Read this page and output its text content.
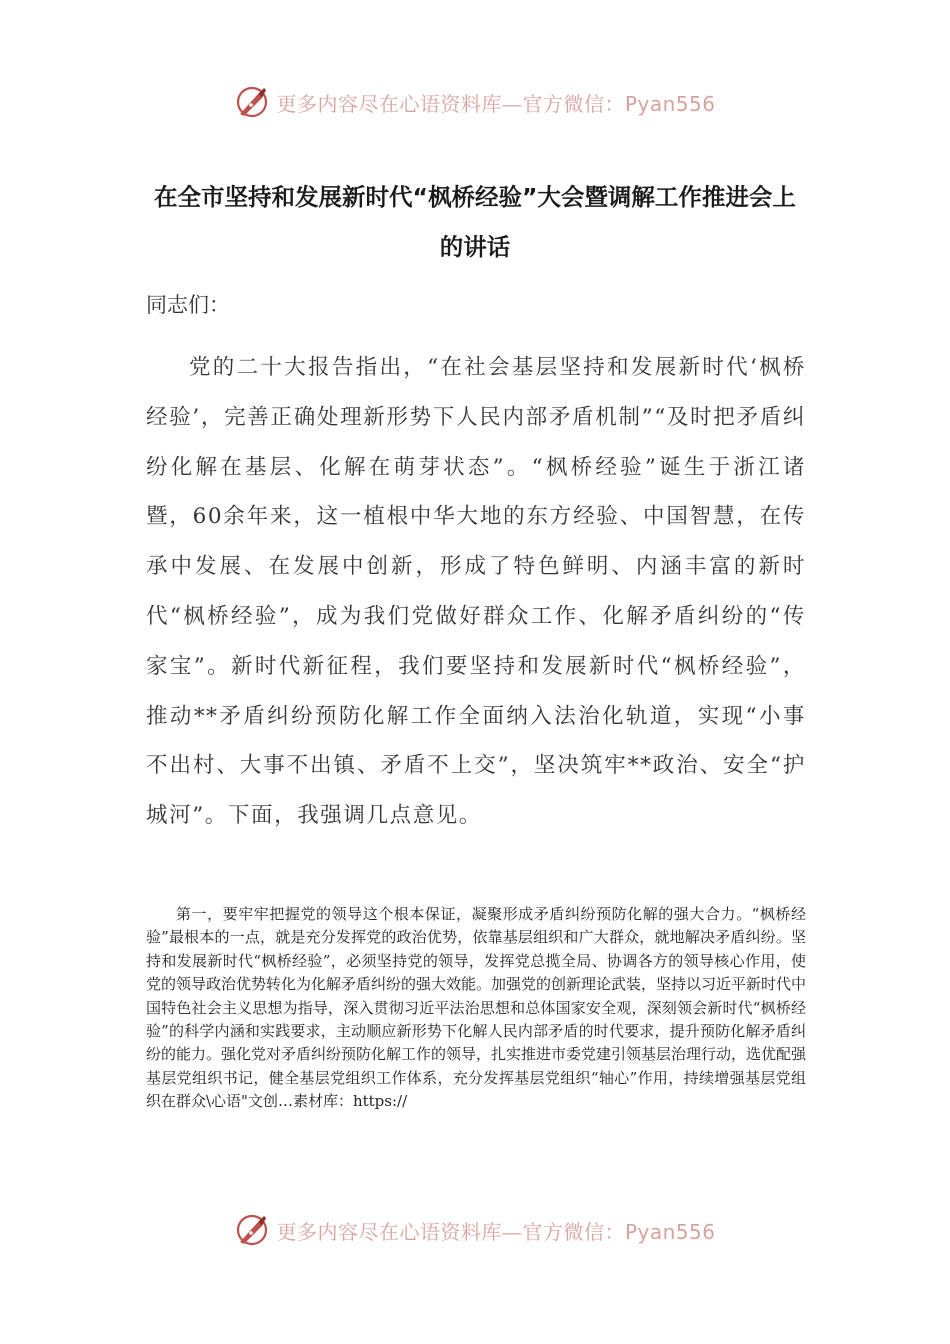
更多内容尽在心语资料库—官方微信：Pyan556
在全市坚持和发展新时代“枫桥经验”大会暨调解工作推进会上的讲话
同志们：

党的二十大报告指出，“在社会基层坚持和发展新时代‘枫桥经验’，完善正确处理新形势下人民内部矛盾机制”“及时把矛盾纠纷化解在基层、化解在萌芽状态”。“枫桥经验”诞生于浙江诸暨，60余年来，这一植根中华大地的东方经验、中国智慧，在传承中发展、在发展中创新，形成了特色鲜明、内涵丰富的新时代“枫桥经验”，成为我们党做好群众工作、化解矛盾纠纷的“传家宝”。新时代新征程，我们要坚持和发展新时代“枫桥经验”，推动**矛盾纠纷预防化解工作全面纳入法治化轨道，实现“小事不出村、大事不出镇、矛盾不上交”，坚决筑牢**政治、安全“护城河”。下面，我强调几点意见。

第一，要牢牢把握党的领导这个根本保证，凝聚形成矛盾纠纷预防化解的强大合力。“枫桥经验”最根本的一点，就是充分发挥党的政治优势，依靠基层组织和广大群众，就地解决矛盾纠纷。坚持和发展新时代“枫桥经验”，必须坚持党的领导，发挥党总揽全局、协调各方的领导核心作用，使党的领导政治优势转化为化解矛盾纠纷的强大效能。加强党的创新理论武装，坚持以习近平新时代中国特色社会主义思想为指导，深入贯彻习近平法治思想和总体国家安全观，深刻领会新时代“枫桥经验”的科学内涵和实践要求，主动顺应新形势下化解人民内部矛盾的时代要求，提升预防化解矛盾纠纷的能力。强化党对矛盾纠纷预防化解工作的领导，扎实推进市委党建引领基层治理行动，选优配强基层党组织书记，健全基层党组织工作体系，充分发挥基层党组织“轴心”作用，持续增强基层党组织在群众\心语"文创…素材库：https://

更多内容尽在心语资料库—官方微信：Pyan556
